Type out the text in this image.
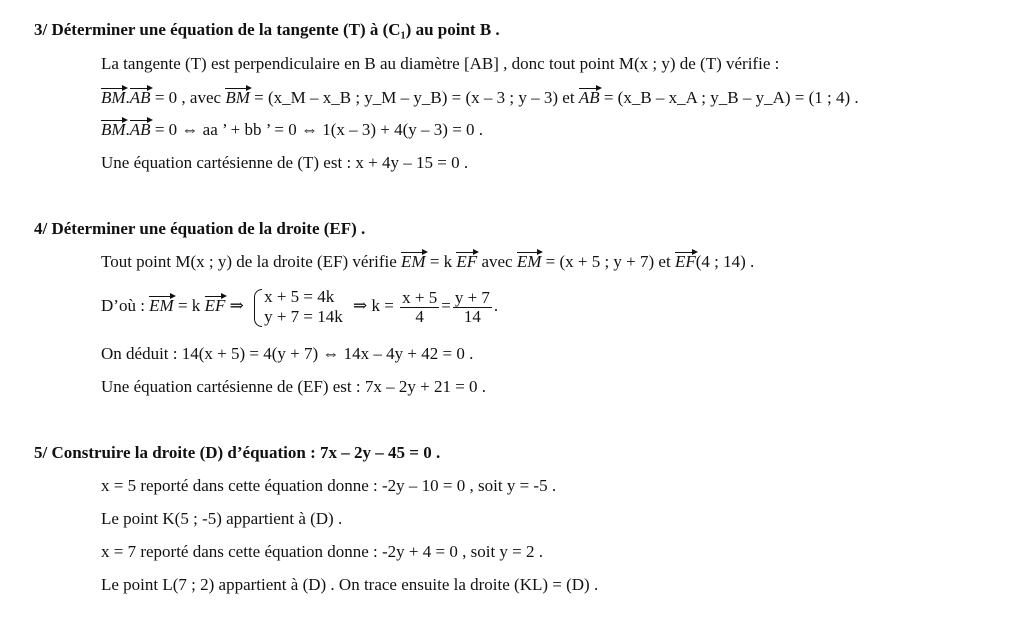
3/ Déterminer une équation de la tangente (T) à (C₁) au point B .
La tangente (T) est perpendiculaire en B au diamètre [AB] , donc tout point M(x ; y) de (T) vérifie :
BM.AB = 0 , avec BM = (x_M – x_B ; y_M – y_B) = (x – 3 ; y – 3) et AB = (x_B – x_A ; y_B – y_A) = (1 ; 4) .
BM.AB = 0 ⇔ aa ’ + bb ’ = 0 ⇔ 1(x – 3) + 4(y – 3) = 0 .
Une équation cartésienne de (T) est : x + 4y – 15 = 0 .
4/ Déterminer une équation de la droite (EF) .
Tout point M(x ; y) de la droite (EF) vérifie EM = k EF avec EM = (x + 5 ; y + 7) et EF(4 ; 14) .
D’où : EM = k EF ⇒ x + 5 = 4k
y + 7 = 14k
⇒ $k = \frac{x + 5}{4} = \frac{y + 7}{14}$ .
On déduit : 14(x + 5) = 4(y + 7) ⇔ 14x – 4y + 42 = 0 .
Une équation cartésienne de (EF) est : 7x – 2y + 21 = 0 .
5/ Construire la droite (D) d’équation : 7x – 2y – 45 = 0 .
x = 5 reporté dans cette équation donne : -2y – 10 = 0 , soit y = -5 .
Le point K(5 ; -5) appartient à (D) .
x = 7 reporté dans cette équation donne : -2y + 4 = 0 , soit y = 2 .
Le point L(7 ; 2) appartient à (D) . On trace ensuite la droite (KL) = (D) .
